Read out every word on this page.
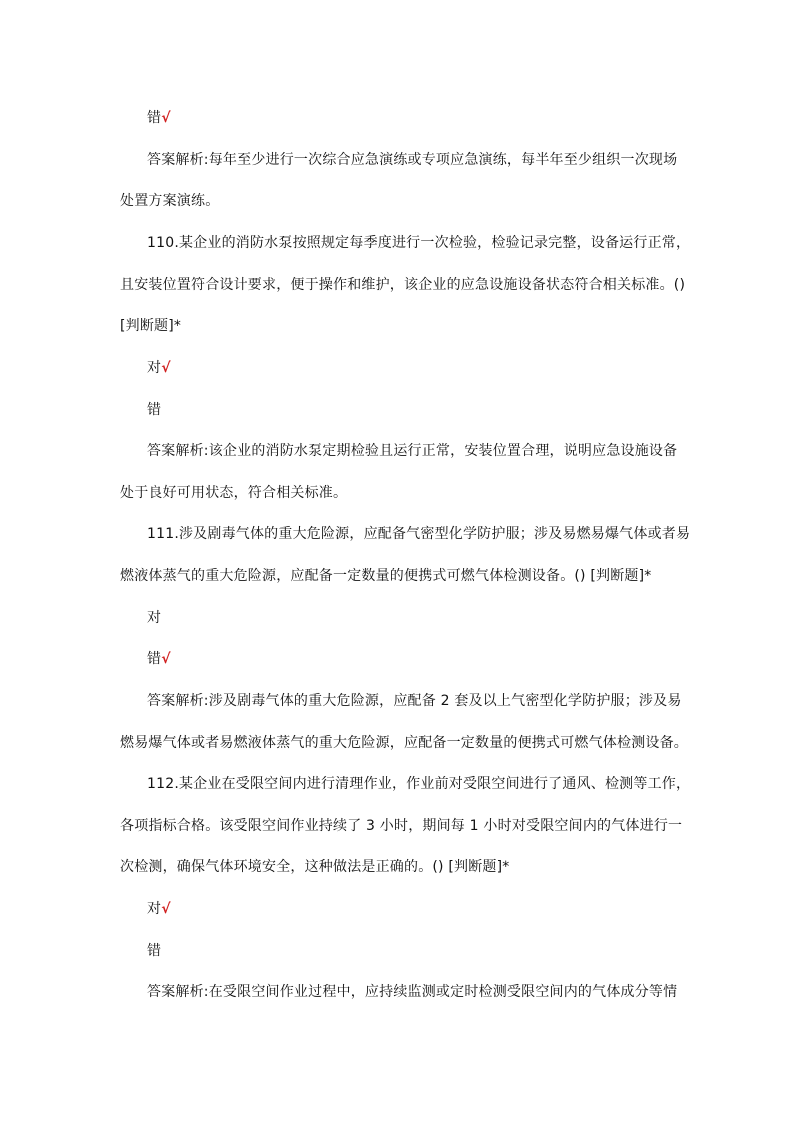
错√
答案解析:每年至少进行一次综合应急演练或专项应急演练，每半年至少组织一次现场
处置方案演练。
110.某企业的消防水泵按照规定每季度进行一次检验，检验记录完整，设备运行正常，
且安装位置符合设计要求，便于操作和维护，该企业的应急设施设备状态符合相关标准。()
[判断题]*
对√
错
答案解析:该企业的消防水泵定期检验且运行正常，安装位置合理，说明应急设施设备
处于良好可用状态，符合相关标准。
111.涉及剧毒气体的重大危险源，应配备气密型化学防护服；涉及易燃易爆气体或者易
燃液体蒸气的重大危险源，应配备一定数量的便携式可燃气体检测设备。() [判断题]*
对
错√
答案解析:涉及剧毒气体的重大危险源，应配备 2 套及以上气密型化学防护服；涉及易
燃易爆气体或者易燃液体蒸气的重大危险源，应配备一定数量的便携式可燃气体检测设备。
112.某企业在受限空间内进行清理作业，作业前对受限空间进行了通风、检测等工作，
各项指标合格。该受限空间作业持续了 3 小时，期间每 1 小时对受限空间内的气体进行一
次检测，确保气体环境安全，这种做法是正确的。() [判断题]*
对√
错
答案解析:在受限空间作业过程中，应持续监测或定时检测受限空间内的气体成分等情
